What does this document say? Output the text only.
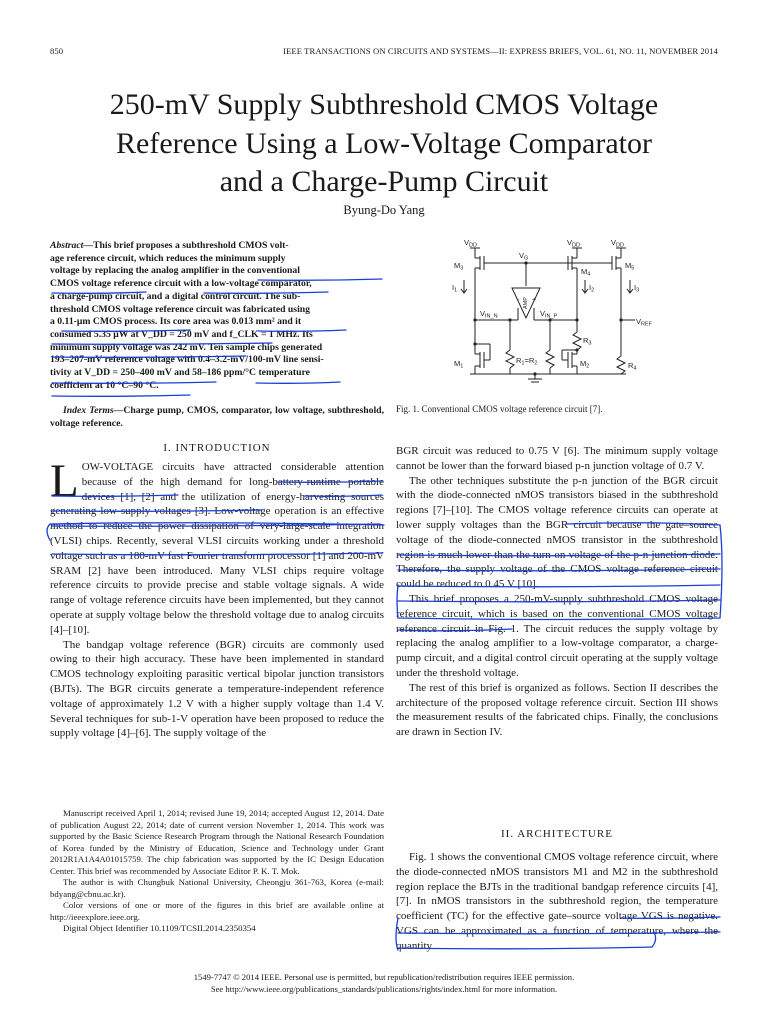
850	IEEE TRANSACTIONS ON CIRCUITS AND SYSTEMS—II: EXPRESS BRIEFS, VOL. 61, NO. 11, NOVEMBER 2014
250-mV Supply Subthreshold CMOS Voltage
Reference Using a Low-Voltage Comparator
and a Charge-Pump Circuit
Byung-Do Yang
Abstract—This brief proposes a subthreshold CMOS volt-
age reference circuit, which reduces the minimum supply
voltage by replacing the analog amplifier in the conventional
CMOS voltage reference circuit with a low-voltage comparator,
a charge-pump circuit, and a digital control circuit. The sub-
threshold CMOS voltage reference circuit was fabricated using
a 0.11-μm CMOS process. Its core area was 0.013 mm² and it
consumed 5.35 μW at V_DD = 250 mV and f_CLK = 1 MHz. Its
minimum supply voltage was 242 mV. Ten sample chips generated
193–207-mV reference voltage with 0.4–3.2-mV/100-mV line sensi-
tivity at V_DD = 250–400 mV and 58–186 ppm/°C temperature
coefficient at 10 °C–90 °C.
Index Terms—Charge pump, CMOS, comparator, low voltage, subthreshold, voltage reference.
$V_{DD}$	$V_{DD}$	$V_{DD}$
$V_G$
$M_3$	$M_4$
$M_5$
$I_1$	$I_2$	$I_3$
$V_{IN\_N}$	$V_{IN\_P}$
$V_{REF}$
AMP
- +
$R_3$
$R_4$
$R_1=R_2$
$M_1$	$M_2$
Fig. 1. Conventional CMOS voltage reference circuit [7].
I. INTRODUCTION

LOW-VOLTAGE circuits have attracted considerable attention because of the high demand for long-battery-runtime portable devices [1], [2] and the utilization of energy-harvesting sources generating low supply voltages [3]. Low-voltage operation is an effective method to reduce the power dissipation of very-large-scale integration (VLSI) chips. Recently, several VLSI circuits working under a threshold voltage such as a 180-mV fast Fourier transform processor [1] and 200-mV SRAM [2] have been introduced. Many VLSI chips require voltage reference circuits to provide precise and stable voltage signals. A wide range of voltage reference circuits have been implemented, but they cannot operate at supply voltage below the threshold voltage due to analog circuits [4]–[10].

The bandgap voltage reference (BGR) circuits are commonly used owing to their high accuracy. These have been implemented in standard CMOS technology exploiting parasitic vertical bipolar junction transistors (BJTs). The BGR circuits generate a temperature-independent reference voltage of approximately 1.2 V with a higher supply voltage than 1.4 V. Several techniques for sub-1-V operation have been proposed to reduce the supply voltage [4]–[6]. The supply voltage of the

BGR circuit was reduced to 0.75 V [6]. The minimum supply voltage cannot be lower than the forward biased p-n junction voltage of 0.7 V.

The other techniques substitute the p-n junction of the BGR circuit with the diode-connected nMOS transistors biased in the subthreshold regions [7]–[10]. The CMOS voltage reference circuits can operate at lower supply voltages than the BGR circuit because the gate–source voltage of the diode-connected nMOS transistor in the subthreshold region is much lower than the turn-on voltage of the p-n junction diode. Therefore, the supply voltage of the CMOS voltage reference circuit could be reduced to 0.45 V [10].

This brief proposes a 250-mV-supply subthreshold CMOS voltage reference circuit, which is based on the conventional CMOS voltage reference circuit in Fig. 1. The circuit reduces the supply voltage by replacing the analog amplifier to a low-voltage comparator, a charge-pump circuit, and a digital control circuit operating at the supply voltage under the threshold voltage.

The rest of this brief is organized as follows. Section II describes the architecture of the proposed voltage reference circuit. Section III shows the measurement results of the fabricated chips. Finally, the conclusions are drawn in Section IV.

II. ARCHITECTURE

Fig. 1 shows the conventional CMOS voltage reference circuit, where the diode-connected nMOS transistors M1 and M2 in the subthreshold region replace the BJTs in the traditional bandgap reference circuits [4], [7]. In nMOS transistors in the subthreshold region, the temperature coefficient (TC) for the effective gate–source voltage VGS is negative. VGS can be approximated as a function of temperature, where the quantity

Manuscript received April 1, 2014; revised June 19, 2014; accepted August 12, 2014. Date of publication August 22, 2014; date of current version November 1, 2014. This work was supported by the Basic Science Research Program through the National Research Foundation of Korea funded by the Ministry of Education, Science and Technology under Grant 2012R1A1A4A01015759. The chip fabrication was supported by the IC Design Education Center. This brief was recommended by Associate Editor P. K. T. Mok.
The author is with Chungbuk National University, Cheongju 361-763, Korea (e-mail: bdyang@cbnu.ac.kr).
Color versions of one or more of the figures in this brief are available online at http://ieeexplore.ieee.org.
Digital Object Identifier 10.1109/TCSII.2014.2350354
1549-7747 © 2014 IEEE. Personal use is permitted, but republication/redistribution requires IEEE permission.
See http://www.ieee.org/publications_standards/publications/rights/index.html for more information.
